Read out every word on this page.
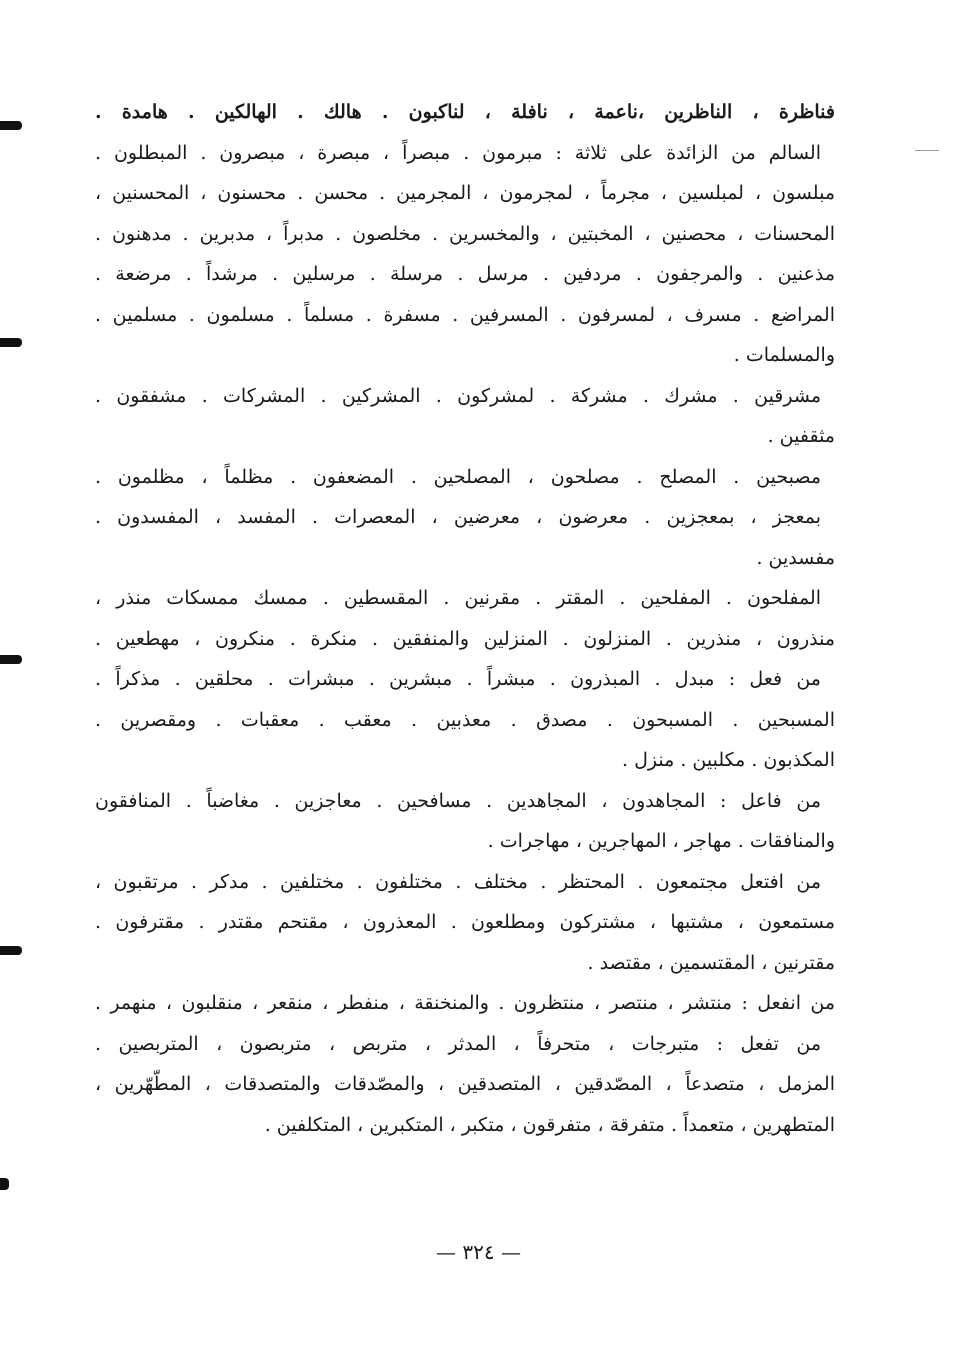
فناظرة ، الناظرين ،ناعمة ، نافلة ، لناكبون . هالك . الهالكين . هامدة .
السالم من الزائدة على ثلاثة : مبرمون . مبصراً ، مبصرة ، مبصرون . المبطلون .
مبلسون ، لمبلسين ، مجرماً ، لمجرمون ، المجرمين . محسن . محسنون ، المحسنين ،
المحسنات ، محصنين ، المخبتين ، والمخسرين . مخلصون . مدبراً ، مدبرين . مدهنون .
مذعنين . والمرجفون . مردفين . مرسل . مرسلة . مرسلين . مرشداً . مرضعة .
المراضع . مسرف ، لمسرفون . المسرفين . مسفرة . مسلماً . مسلمون . مسلمين .
والمسلمات .
مشرقين . مشرك . مشركة . لمشركون . المشركين . المشركات . مشفقون .
مثقفين .
مصبحين . المصلح . مصلحون ، المصلحين . المضعفون . مظلماً ، مظلمون .
بمعجز ، بمعجزين . معرضون ، معرضين ، المعصرات . المفسد ، المفسدون .
مفسدين .
المفلحون . المفلحين . المقتر . مقرنين . المقسطين . ممسك ممسكات منذر ،
منذرون ، منذرين . المنزلون . المنزلين والمنفقين . منكرة . منكرون ، مهطعين .
من فعل : مبدل . المبذرون . مبشراً . مبشرين . مبشرات . محلقين . مذكراً .
المسبحين . المسبحون . مصدق . معذبين . معقب . معقبات . ومقصرين .
المكذبون . مكلبين . منزل .
من فاعل : المجاهدون ، المجاهدين . مسافحين . معاجزين . مغاضباً . المنافقون
والمنافقات . مهاجر ، المهاجرين ، مهاجرات .
من افتعل مجتمعون . المحتظر . مختلف . مختلفون . مختلفين . مدكر . مرتقبون ،
مستمعون ، مشتبها ، مشتركون ومطلعون . المعذرون ، مقتحم مقتدر . مقترفون .
مقترنين ، المقتسمين ، مقتصد .
من انفعل : منتشر ، منتصر ، منتظرون . والمنخنقة ، منفطر ، منقعر ، منقلبون ، منهمر .
من تفعل : متبرجات ، متحرفاً ، المدثر ، متربص ، متربصون ، المتربصين .
المزمل ، متصدعاً ، المصّدقين ، المتصدقين ، والمصّدقات والمتصدقات ، المطّهّرين ،
المتطهرين ، متعمداً . متفرقة ، متفرقون ، متكبر ، المتكبرين ، المتكلفين .
— ٣٢٤ —
